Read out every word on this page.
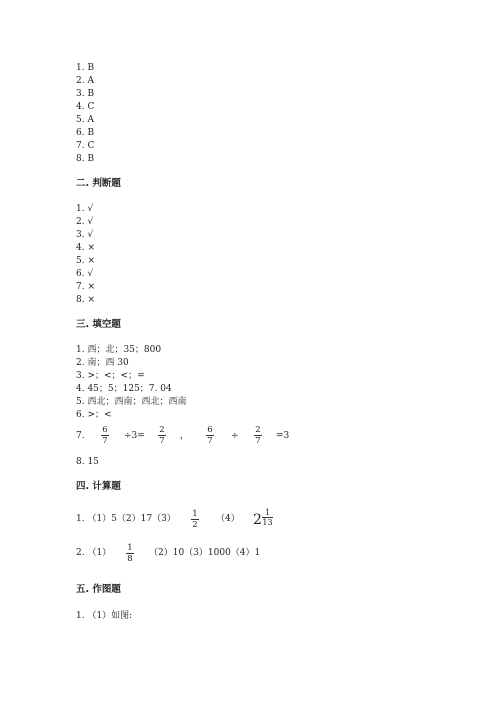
1. B
2. A
3. B
4. C
5. A
6. B
7. C
8. B
二. 判断题
1. √
2. √
3. √
4. ×
5. ×
6. √
7. ×
8. ×
三. 填空题
1. 西；北；35；800
2. 南；西 30
3. >；<；<；=
4. 45；5；125；7. 04
5. 西北；西南；西北；西南
6. >；<
7. $\frac{6}{7} \div 3= \frac{2}{7}$ ， $\frac{6}{7} \div \frac{2}{7} =3$
8. 15
四. 计算题
1. $(1)5(2)17(3) \frac{1}{2} (4)$ $2 \frac{1}{13}$
2. $(1) \frac{1}{8} (2)10(3)1000(4)1$
五. 作图题
1. （1）如图:
